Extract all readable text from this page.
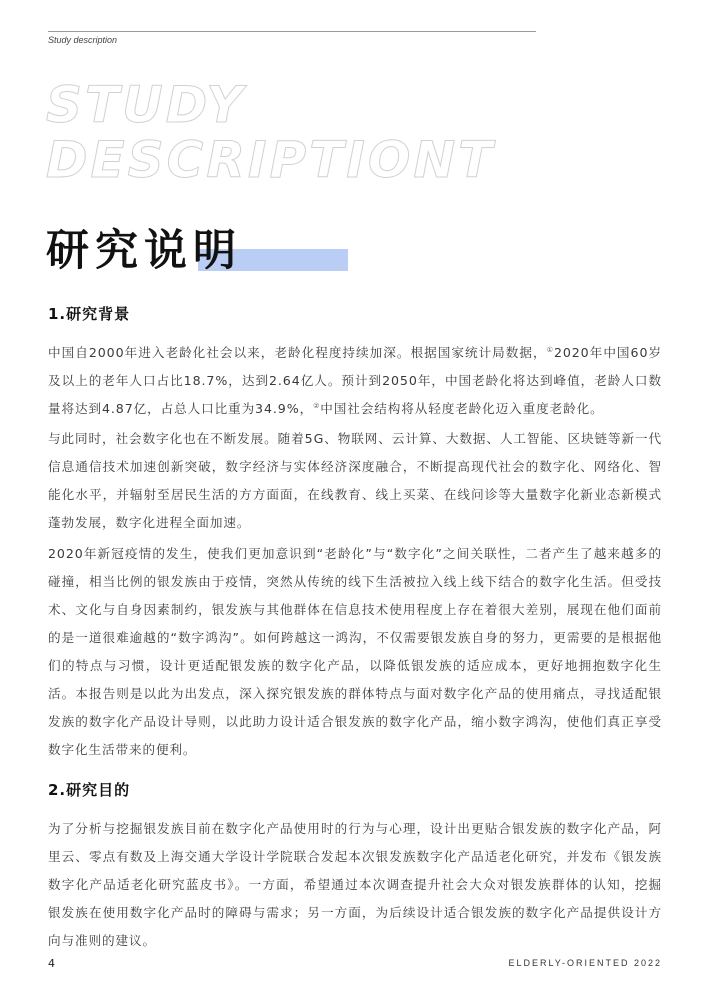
Study description
STUDY
DESCRIPTIONT
研究说明
1.研究背景
中国自2000年进入老龄化社会以来，老龄化程度持续加深。根据国家统计局数据，①2020年中国60岁及以上的老年人口占比18.7%，达到2.64亿人。预计到2050年，中国老龄化将达到峰值，老龄人口数量将达到4.87亿，占总人口比重为34.9%，②中国社会结构将从轻度老龄化迈入重度老龄化。
与此同时，社会数字化也在不断发展。随着5G、物联网、云计算、大数据、人工智能、区块链等新一代信息通信技术加速创新突破，数字经济与实体经济深度融合，不断提高现代社会的数字化、网络化、智能化水平，并辐射至居民生活的方方面面，在线教育、线上买菜、在线问诊等大量数字化新业态新模式蓬勃发展，数字化进程全面加速。
2020年新冠疫情的发生，使我们更加意识到“老龄化”与“数字化”之间关联性，二者产生了越来越多的碰撞，相当比例的银发族由于疫情，突然从传统的线下生活被拉入线上线下结合的数字化生活。但受技术、文化与自身因素制约，银发族与其他群体在信息技术使用程度上存在着很大差别，展现在他们面前的是一道很难逾越的“数字鸿沟”。如何跨越这一鸿沟，不仅需要银发族自身的努力，更需要的是根据他们的特点与习惯，设计更适配银发族的数字化产品，以降低银发族的适应成本，更好地拥抱数字化生活。本报告则是以此为出发点，深入探究银发族的群体特点与面对数字化产品的使用痛点，寻找适配银发族的数字化产品设计导则，以此助力设计适合银发族的数字化产品，缩小数字鸿沟，使他们真正享受数字化生活带来的便利。
2.研究目的
为了分析与挖掘银发族目前在数字化产品使用时的行为与心理，设计出更贴合银发族的数字化产品，阿里云、零点有数及上海交通大学设计学院联合发起本次银发族数字化产品适老化研究，并发布《银发族数字化产品适老化研究蓝皮书》。一方面，希望通过本次调查提升社会大众对银发族群体的认知，挖掘银发族在使用数字化产品时的障碍与需求；另一方面，为后续设计适合银发族的数字化产品提供设计方向与准则的建议。
4	ELDERLY-ORIENTED 2022
